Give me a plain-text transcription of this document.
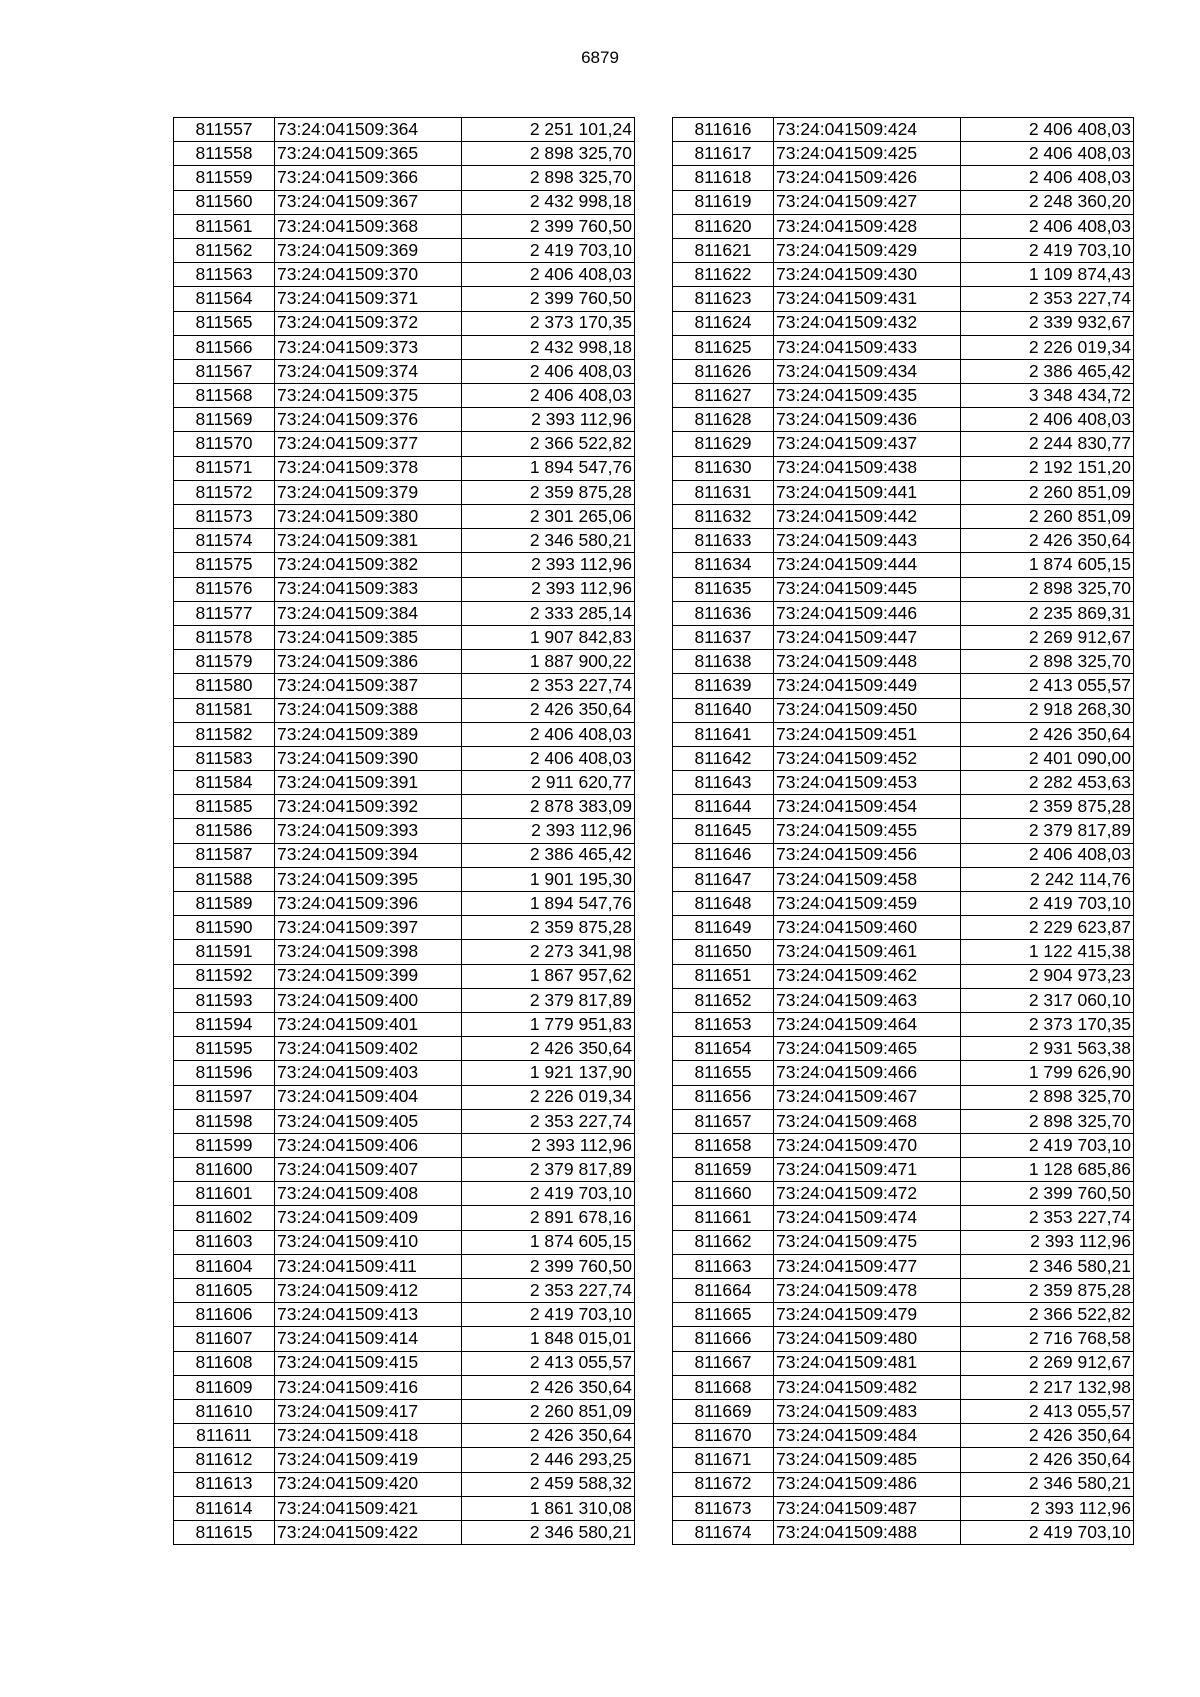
6879
811557	73:24:041509:364	2 251 101,24
811558	73:24:041509:365	2 898 325,70
811559	73:24:041509:366	2 898 325,70
811560	73:24:041509:367	2 432 998,18
811561	73:24:041509:368	2 399 760,50
811562	73:24:041509:369	2 419 703,10
811563	73:24:041509:370	2 406 408,03
811564	73:24:041509:371	2 399 760,50
811565	73:24:041509:372	2 373 170,35
811566	73:24:041509:373	2 432 998,18
811567	73:24:041509:374	2 406 408,03
811568	73:24:041509:375	2 406 408,03
811569	73:24:041509:376	2 393 112,96
811570	73:24:041509:377	2 366 522,82
811571	73:24:041509:378	1 894 547,76
811572	73:24:041509:379	2 359 875,28
811573	73:24:041509:380	2 301 265,06
811574	73:24:041509:381	2 346 580,21
811575	73:24:041509:382	2 393 112,96
811576	73:24:041509:383	2 393 112,96
811577	73:24:041509:384	2 333 285,14
811578	73:24:041509:385	1 907 842,83
811579	73:24:041509:386	1 887 900,22
811580	73:24:041509:387	2 353 227,74
811581	73:24:041509:388	2 426 350,64
811582	73:24:041509:389	2 406 408,03
811583	73:24:041509:390	2 406 408,03
811584	73:24:041509:391	2 911 620,77
811585	73:24:041509:392	2 878 383,09
811586	73:24:041509:393	2 393 112,96
811587	73:24:041509:394	2 386 465,42
811588	73:24:041509:395	1 901 195,30
811589	73:24:041509:396	1 894 547,76
811590	73:24:041509:397	2 359 875,28
811591	73:24:041509:398	2 273 341,98
811592	73:24:041509:399	1 867 957,62
811593	73:24:041509:400	2 379 817,89
811594	73:24:041509:401	1 779 951,83
811595	73:24:041509:402	2 426 350,64
811596	73:24:041509:403	1 921 137,90
811597	73:24:041509:404	2 226 019,34
811598	73:24:041509:405	2 353 227,74
811599	73:24:041509:406	2 393 112,96
811600	73:24:041509:407	2 379 817,89
811601	73:24:041509:408	2 419 703,10
811602	73:24:041509:409	2 891 678,16
811603	73:24:041509:410	1 874 605,15
811604	73:24:041509:411	2 399 760,50
811605	73:24:041509:412	2 353 227,74
811606	73:24:041509:413	2 419 703,10
811607	73:24:041509:414	1 848 015,01
811608	73:24:041509:415	2 413 055,57
811609	73:24:041509:416	2 426 350,64
811610	73:24:041509:417	2 260 851,09
811611	73:24:041509:418	2 426 350,64
811612	73:24:041509:419	2 446 293,25
811613	73:24:041509:420	2 459 588,32
811614	73:24:041509:421	1 861 310,08
811615	73:24:041509:422	2 346 580,21
811616	73:24:041509:424	2 406 408,03
811617	73:24:041509:425	2 406 408,03
811618	73:24:041509:426	2 406 408,03
811619	73:24:041509:427	2 248 360,20
811620	73:24:041509:428	2 406 408,03
811621	73:24:041509:429	2 419 703,10
811622	73:24:041509:430	1 109 874,43
811623	73:24:041509:431	2 353 227,74
811624	73:24:041509:432	2 339 932,67
811625	73:24:041509:433	2 226 019,34
811626	73:24:041509:434	2 386 465,42
811627	73:24:041509:435	3 348 434,72
811628	73:24:041509:436	2 406 408,03
811629	73:24:041509:437	2 244 830,77
811630	73:24:041509:438	2 192 151,20
811631	73:24:041509:441	2 260 851,09
811632	73:24:041509:442	2 260 851,09
811633	73:24:041509:443	2 426 350,64
811634	73:24:041509:444	1 874 605,15
811635	73:24:041509:445	2 898 325,70
811636	73:24:041509:446	2 235 869,31
811637	73:24:041509:447	2 269 912,67
811638	73:24:041509:448	2 898 325,70
811639	73:24:041509:449	2 413 055,57
811640	73:24:041509:450	2 918 268,30
811641	73:24:041509:451	2 426 350,64
811642	73:24:041509:452	2 401 090,00
811643	73:24:041509:453	2 282 453,63
811644	73:24:041509:454	2 359 875,28
811645	73:24:041509:455	2 379 817,89
811646	73:24:041509:456	2 406 408,03
811647	73:24:041509:458	2 242 114,76
811648	73:24:041509:459	2 419 703,10
811649	73:24:041509:460	2 229 623,87
811650	73:24:041509:461	1 122 415,38
811651	73:24:041509:462	2 904 973,23
811652	73:24:041509:463	2 317 060,10
811653	73:24:041509:464	2 373 170,35
811654	73:24:041509:465	2 931 563,38
811655	73:24:041509:466	1 799 626,90
811656	73:24:041509:467	2 898 325,70
811657	73:24:041509:468	2 898 325,70
811658	73:24:041509:470	2 419 703,10
811659	73:24:041509:471	1 128 685,86
811660	73:24:041509:472	2 399 760,50
811661	73:24:041509:474	2 353 227,74
811662	73:24:041509:475	2 393 112,96
811663	73:24:041509:477	2 346 580,21
811664	73:24:041509:478	2 359 875,28
811665	73:24:041509:479	2 366 522,82
811666	73:24:041509:480	2 716 768,58
811667	73:24:041509:481	2 269 912,67
811668	73:24:041509:482	2 217 132,98
811669	73:24:041509:483	2 413 055,57
811670	73:24:041509:484	2 426 350,64
811671	73:24:041509:485	2 426 350,64
811672	73:24:041509:486	2 346 580,21
811673	73:24:041509:487	2 393 112,96
811674	73:24:041509:488	2 419 703,10
